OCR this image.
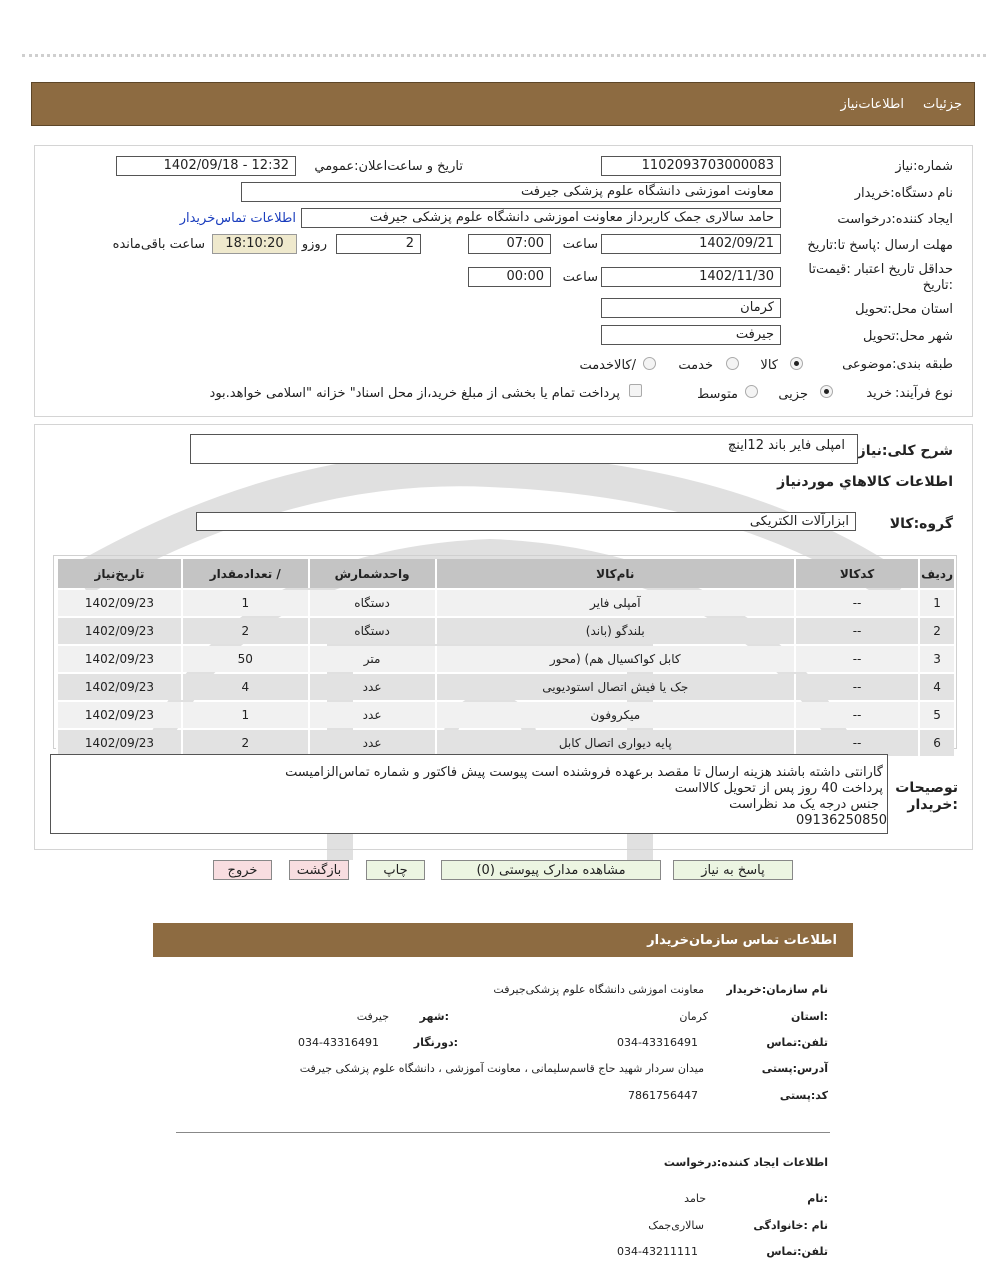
جزئیات
اطلاعات‌نیاز
شماره:نیاز
1102093703000083
تاریخ و ساعت‌اعلان:عمومي
1402/09/18 - 12:32
نام دستگاه:خریدار
معاونت اموزشی دانشگاه علوم پزشکی جیرفت
ایجاد کننده:درخواست
حامد سالاری جمک کاربرداز معاونت اموزشی دانشگاه علوم پزشکی جیرفت
اطلاعات تماس‌خریدار
مهلت ارسال :پاسخ تا:تاریخ
1402/09/21
ساعت
07:00
2
روزو
18:10:20
ساعت باقی‌مانده
حداقل تاریخ اعتبار :قیمت‌تا
:تاریخ
1402/11/30
ساعت
00:00
استان محل:تحویل
کرمان
شهر محل:تحویل
جیرفت
طبقه بندی:موضوعی
کالا
خدمت
/کالاخدمت
نوع فرآیند:
خرید
جزیی
متوسط
پرداخت تمام یا بخشی از مبلغ خرید،از محل اسناد" خزانه "اسلامی خواهد.بود
شرح کلی:نیاز
امپلی فایر باند 12اینچ
اطلاعات کالاهاي موردنياز
گروه:کالا
ابزارآلات الکتریکی
ردیف	کدکالا	نام‌کالا	واحدشمارش	/ تعدادمقدار	تاریخ‌نیاز
1	--	آمپلی فایر	دستگاه	1	1402/09/23
2	--	بلندگو (باند)	دستگاه	2	1402/09/23
3	--	کابل کواکسیال هم) (محور	متر	50	1402/09/23
4	--	جک یا فیش اتصال استودیویی	عدد	4	1402/09/23
5	--	میکروفون	عدد	1	1402/09/23
6	--	پایه دیواری اتصال کابل	عدد	2	1402/09/23
توصیحات
:خریدار
گارانتی داشته باشند هزینه ارسال تا مقصد برعهده فروشنده است پیوست پیش فاکتور و شماره تماس‌الزامیست
پرداخت 40 روز پس از تحویل کالااست
جنس درجه یک مد نظراست
09136250850
پاسخ به نیاز
مشاهده مدارک پیوستی (0)
چاپ
بازگشت
خروج
اطلاعات تماس سازمان‌خریدار
نام سازمان:خریدار
معاونت اموزشی دانشگاه علوم پزشکی‌جیرفت
:استان
کرمان
:شهر
جیرفت
تلفن:تماس
034-43316491
:دورنگار
034-43316491
آدرس:پستی
میدان سردار شهید حاج قاسم‌سلیمانی ، معاونت آموزشی ، دانشگاه علوم پزشکی جیرفت
کد:پستی
7861756447
اطلاعات ایجاد کننده:درخواست
:نام
حامد
نام :خانوادگی
سالاری‌جمک
تلفن:تماس
034-43211111
